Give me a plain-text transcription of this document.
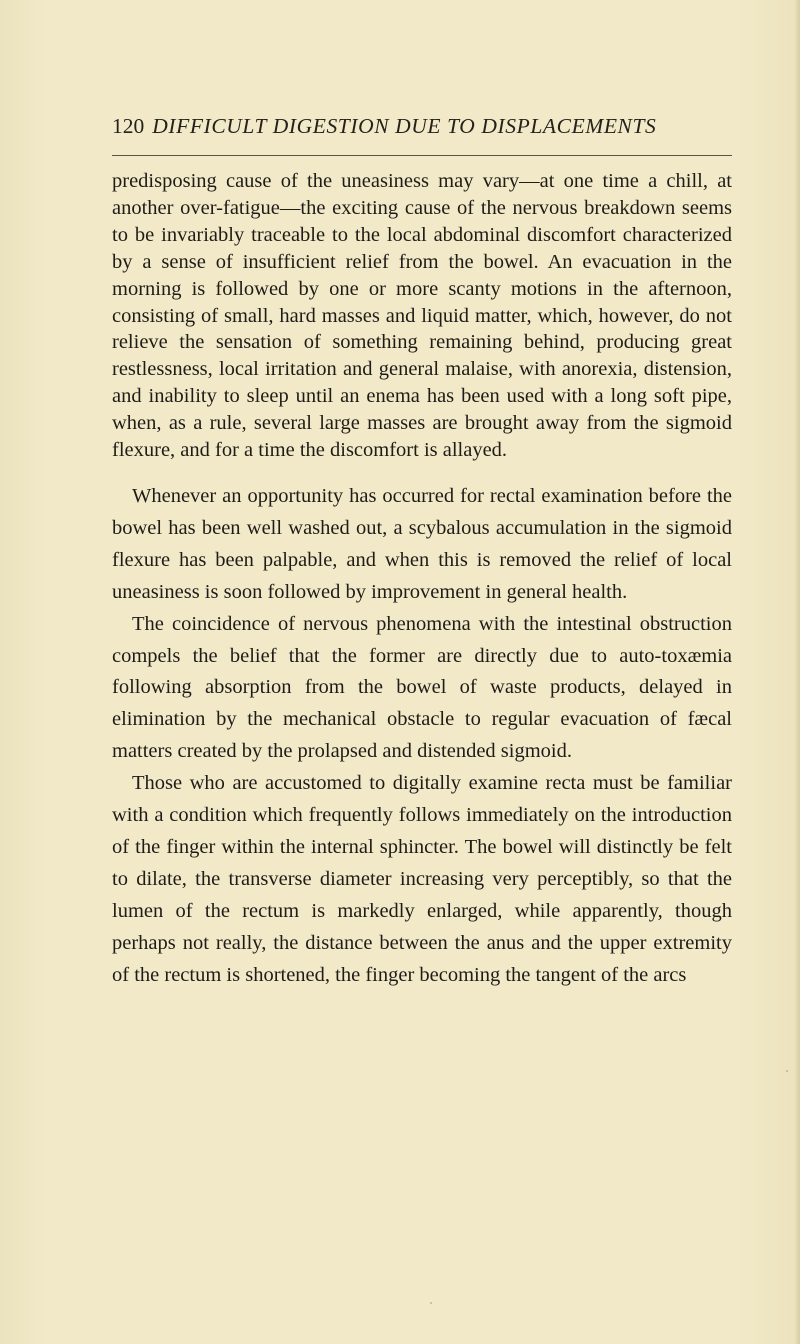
120 DIFFICULT DIGESTION DUE TO DISPLACEMENTS

predisposing cause of the uneasiness may vary—at one time a chill, at another over-fatigue—the exciting cause of the nervous breakdown seems to be invariably traceable to the local abdominal discomfort characterized by a sense of insufficient relief from the bowel. An evacuation in the morning is followed by one or more scanty motions in the afternoon, consisting of small, hard masses and liquid matter, which, however, do not relieve the sensation of something remaining behind, producing great restlessness, local irritation and general malaise, with anorexia, distension, and inability to sleep until an enema has been used with a long soft pipe, when, as a rule, several large masses are brought away from the sigmoid flexure, and for a time the discomfort is allayed.

Whenever an opportunity has occurred for rectal examination before the bowel has been well washed out, a scybalous accumulation in the sigmoid flexure has been palpable, and when this is removed the relief of local uneasiness is soon followed by improvement in general health.

The coincidence of nervous phenomena with the intestinal obstruction compels the belief that the former are directly due to auto-toxæmia following absorption from the bowel of waste products, delayed in elimination by the mechanical obstacle to regular evacuation of fæcal matters created by the prolapsed and distended sigmoid.

Those who are accustomed to digitally examine recta must be familiar with a condition which frequently follows immediately on the introduction of the finger within the internal sphincter. The bowel will distinctly be felt to dilate, the transverse diameter increasing very perceptibly, so that the lumen of the rectum is markedly enlarged, while apparently, though perhaps not really, the distance between the anus and the upper extremity of the rectum is shortened, the finger becoming the tangent of the arcs
